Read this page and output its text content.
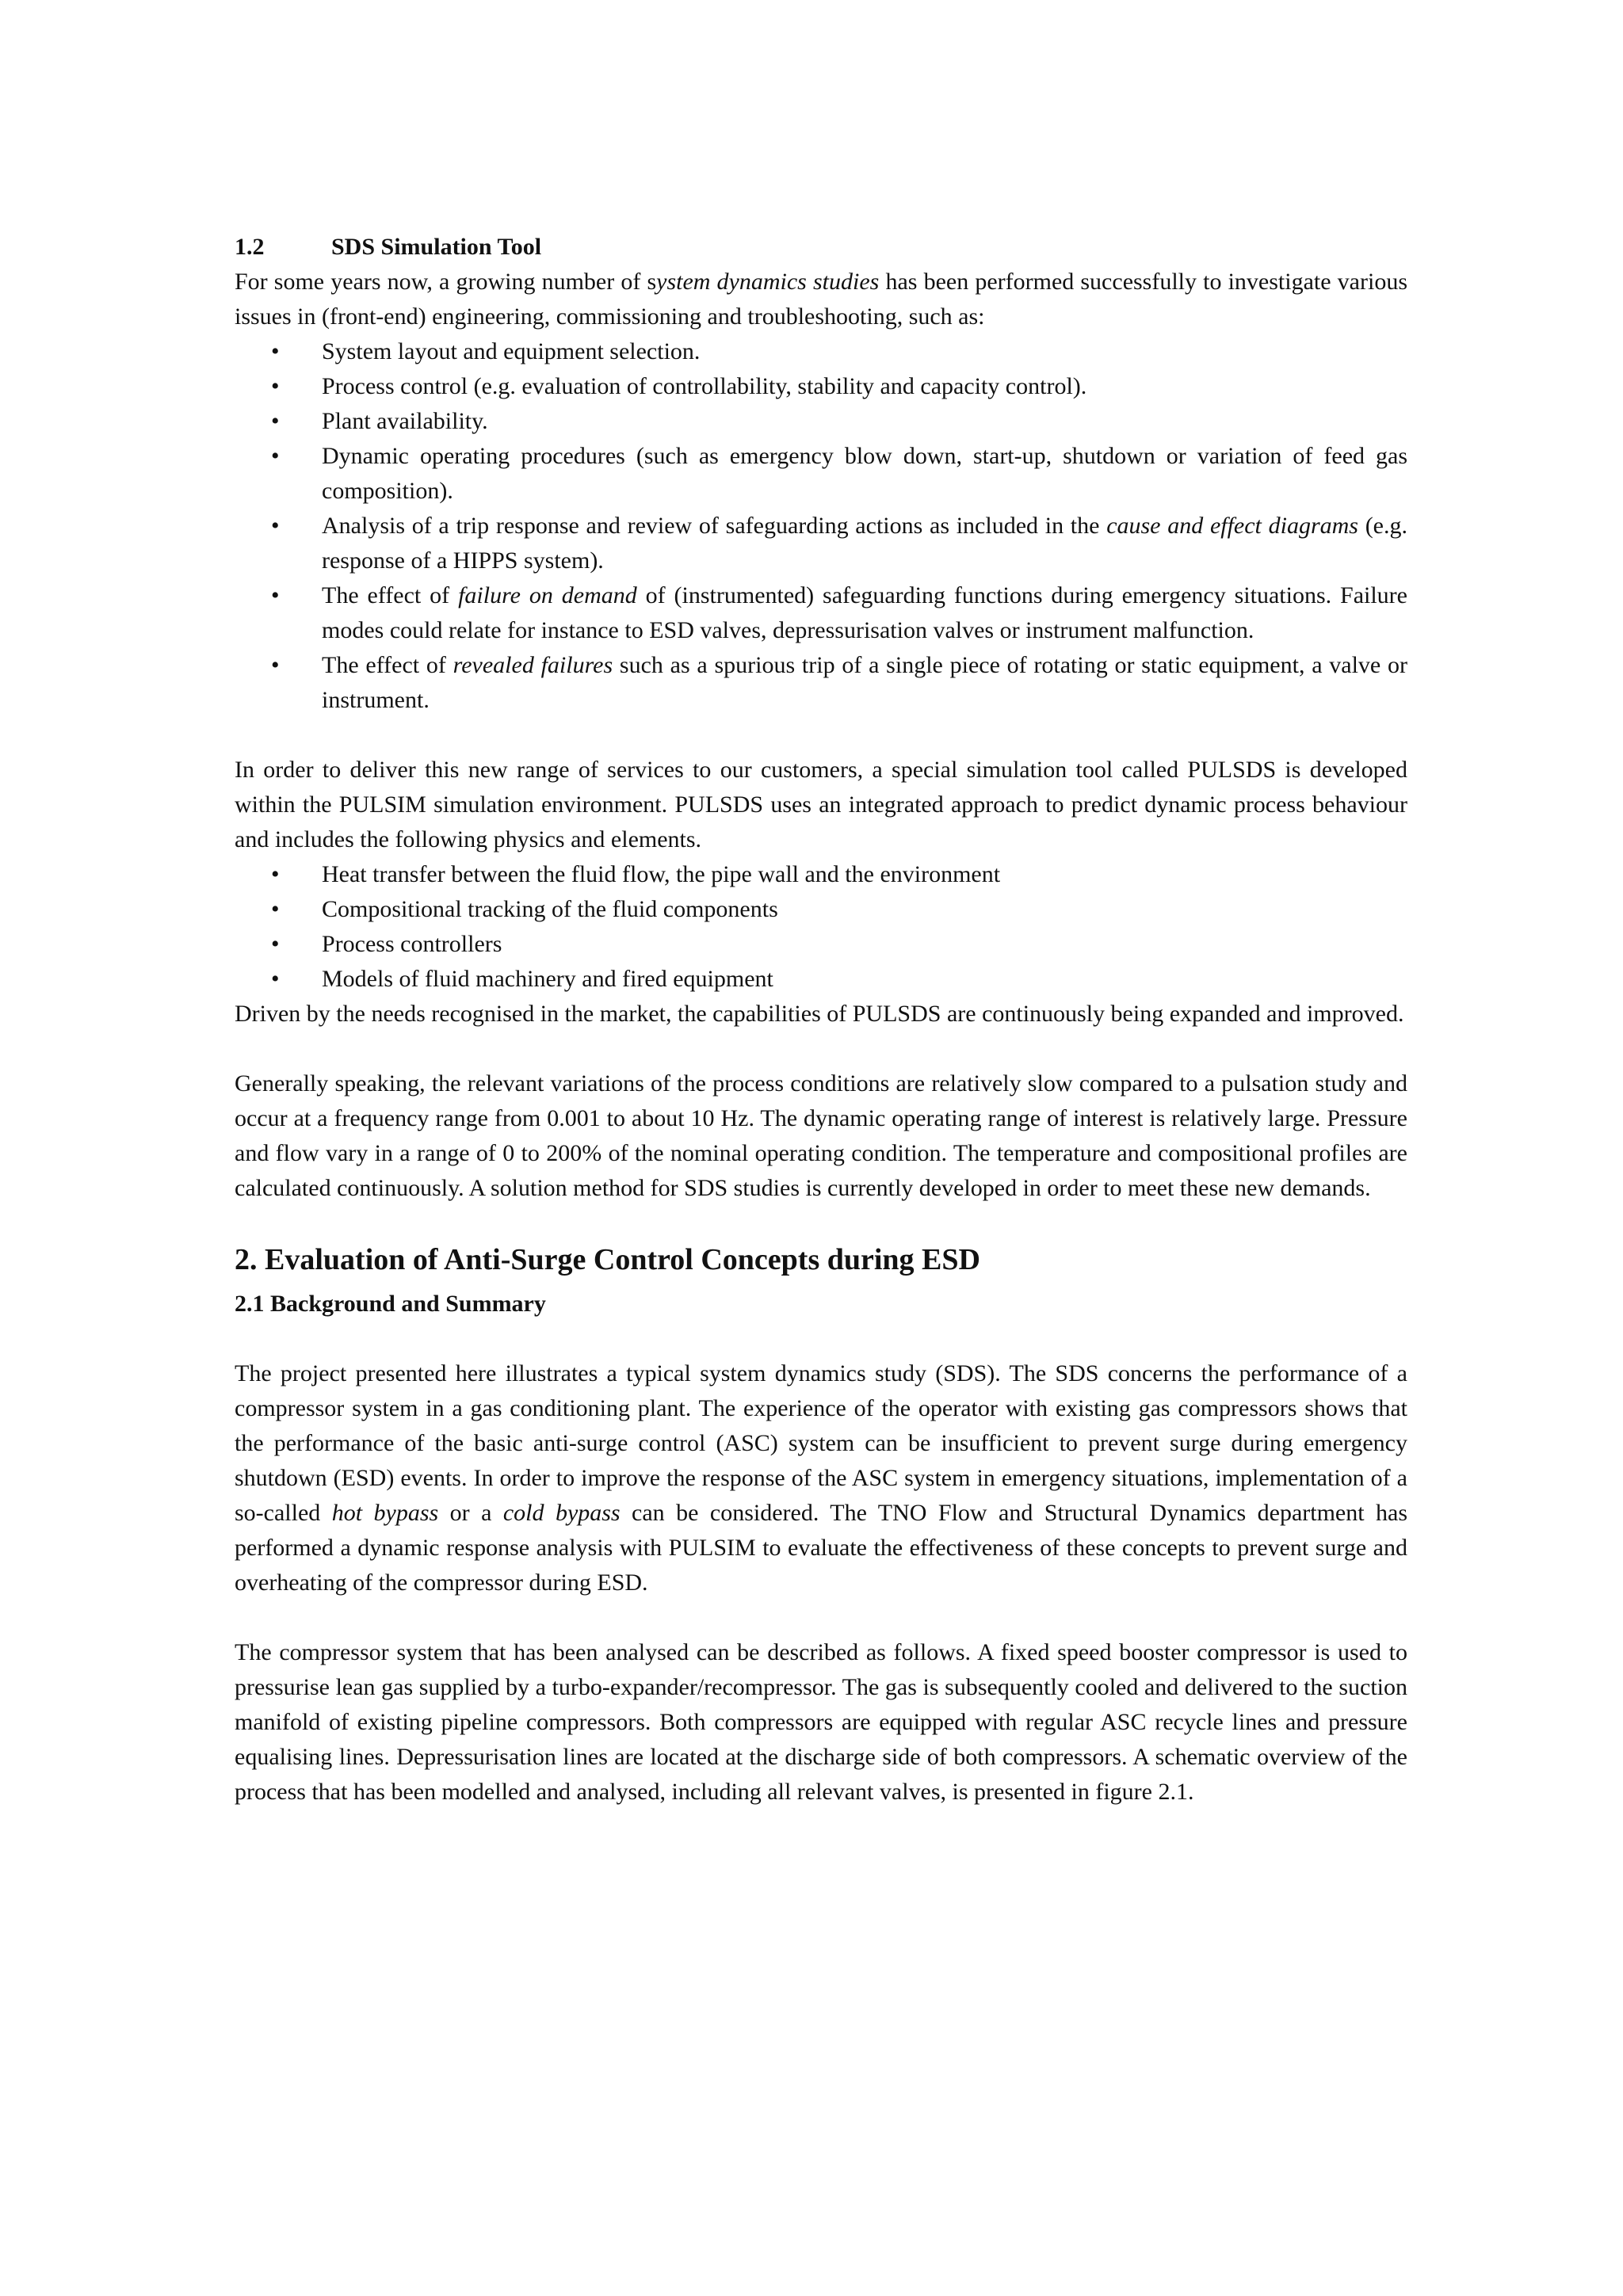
1.2	SDS Simulation Tool

For some years now, a growing number of system dynamics studies has been performed successfully to investigate various issues in (front-end) engineering, commissioning and troubleshooting, such as:

• System layout and equipment selection.
• Process control (e.g. evaluation of controllability, stability and capacity control).
• Plant availability.
• Dynamic operating procedures (such as emergency blow down, start-up, shutdown or variation of feed gas composition).
• Analysis of a trip response and review of safeguarding actions as included in the cause and effect diagrams (e.g. response of a HIPPS system).
• The effect of failure on demand of (instrumented) safeguarding functions during emergency situations. Failure modes could relate for instance to ESD valves, depressurisation valves or instrument malfunction.
• The effect of revealed failures such as a spurious trip of a single piece of rotating or static equipment, a valve or instrument.

In order to deliver this new range of services to our customers, a special simulation tool called PULSDS is developed within the PULSIM simulation environment. PULSDS uses an integrated approach to predict dynamic process behaviour and includes the following physics and elements.

• Heat transfer between the fluid flow, the pipe wall and the environment
• Compositional tracking of the fluid components
• Process controllers
• Models of fluid machinery and fired equipment

Driven by the needs recognised in the market, the capabilities of PULSDS are continuously being expanded and improved.

Generally speaking, the relevant variations of the process conditions are relatively slow compared to a pulsation study and occur at a frequency range from 0.001 to about 10 Hz. The dynamic operating range of interest is relatively large. Pressure and flow vary in a range of 0 to 200% of the nominal operating condition. The temperature and compositional profiles are calculated continuously. A solution method for SDS studies is currently developed in order to meet these new demands.

2. Evaluation of Anti-Surge Control Concepts during ESD
2.1 Background and Summary

The project presented here illustrates a typical system dynamics study (SDS). The SDS concerns the performance of a compressor system in a gas conditioning plant. The experience of the operator with existing gas compressors shows that the performance of the basic anti-surge control (ASC) system can be insufficient to prevent surge during emergency shutdown (ESD) events. In order to improve the response of the ASC system in emergency situations, implementation of a so-called hot bypass or a cold bypass can be considered. The TNO Flow and Structural Dynamics department has performed a dynamic response analysis with PULSIM to evaluate the effectiveness of these concepts to prevent surge and overheating of the compressor during ESD.

The compressor system that has been analysed can be described as follows. A fixed speed booster compressor is used to pressurise lean gas supplied by a turbo-expander/recompressor. The gas is subsequently cooled and delivered to the suction manifold of existing pipeline compressors. Both compressors are equipped with regular ASC recycle lines and pressure equalising lines. Depressurisation lines are located at the discharge side of both compressors. A schematic overview of the process that has been modelled and analysed, including all relevant valves, is presented in figure 2.1.
